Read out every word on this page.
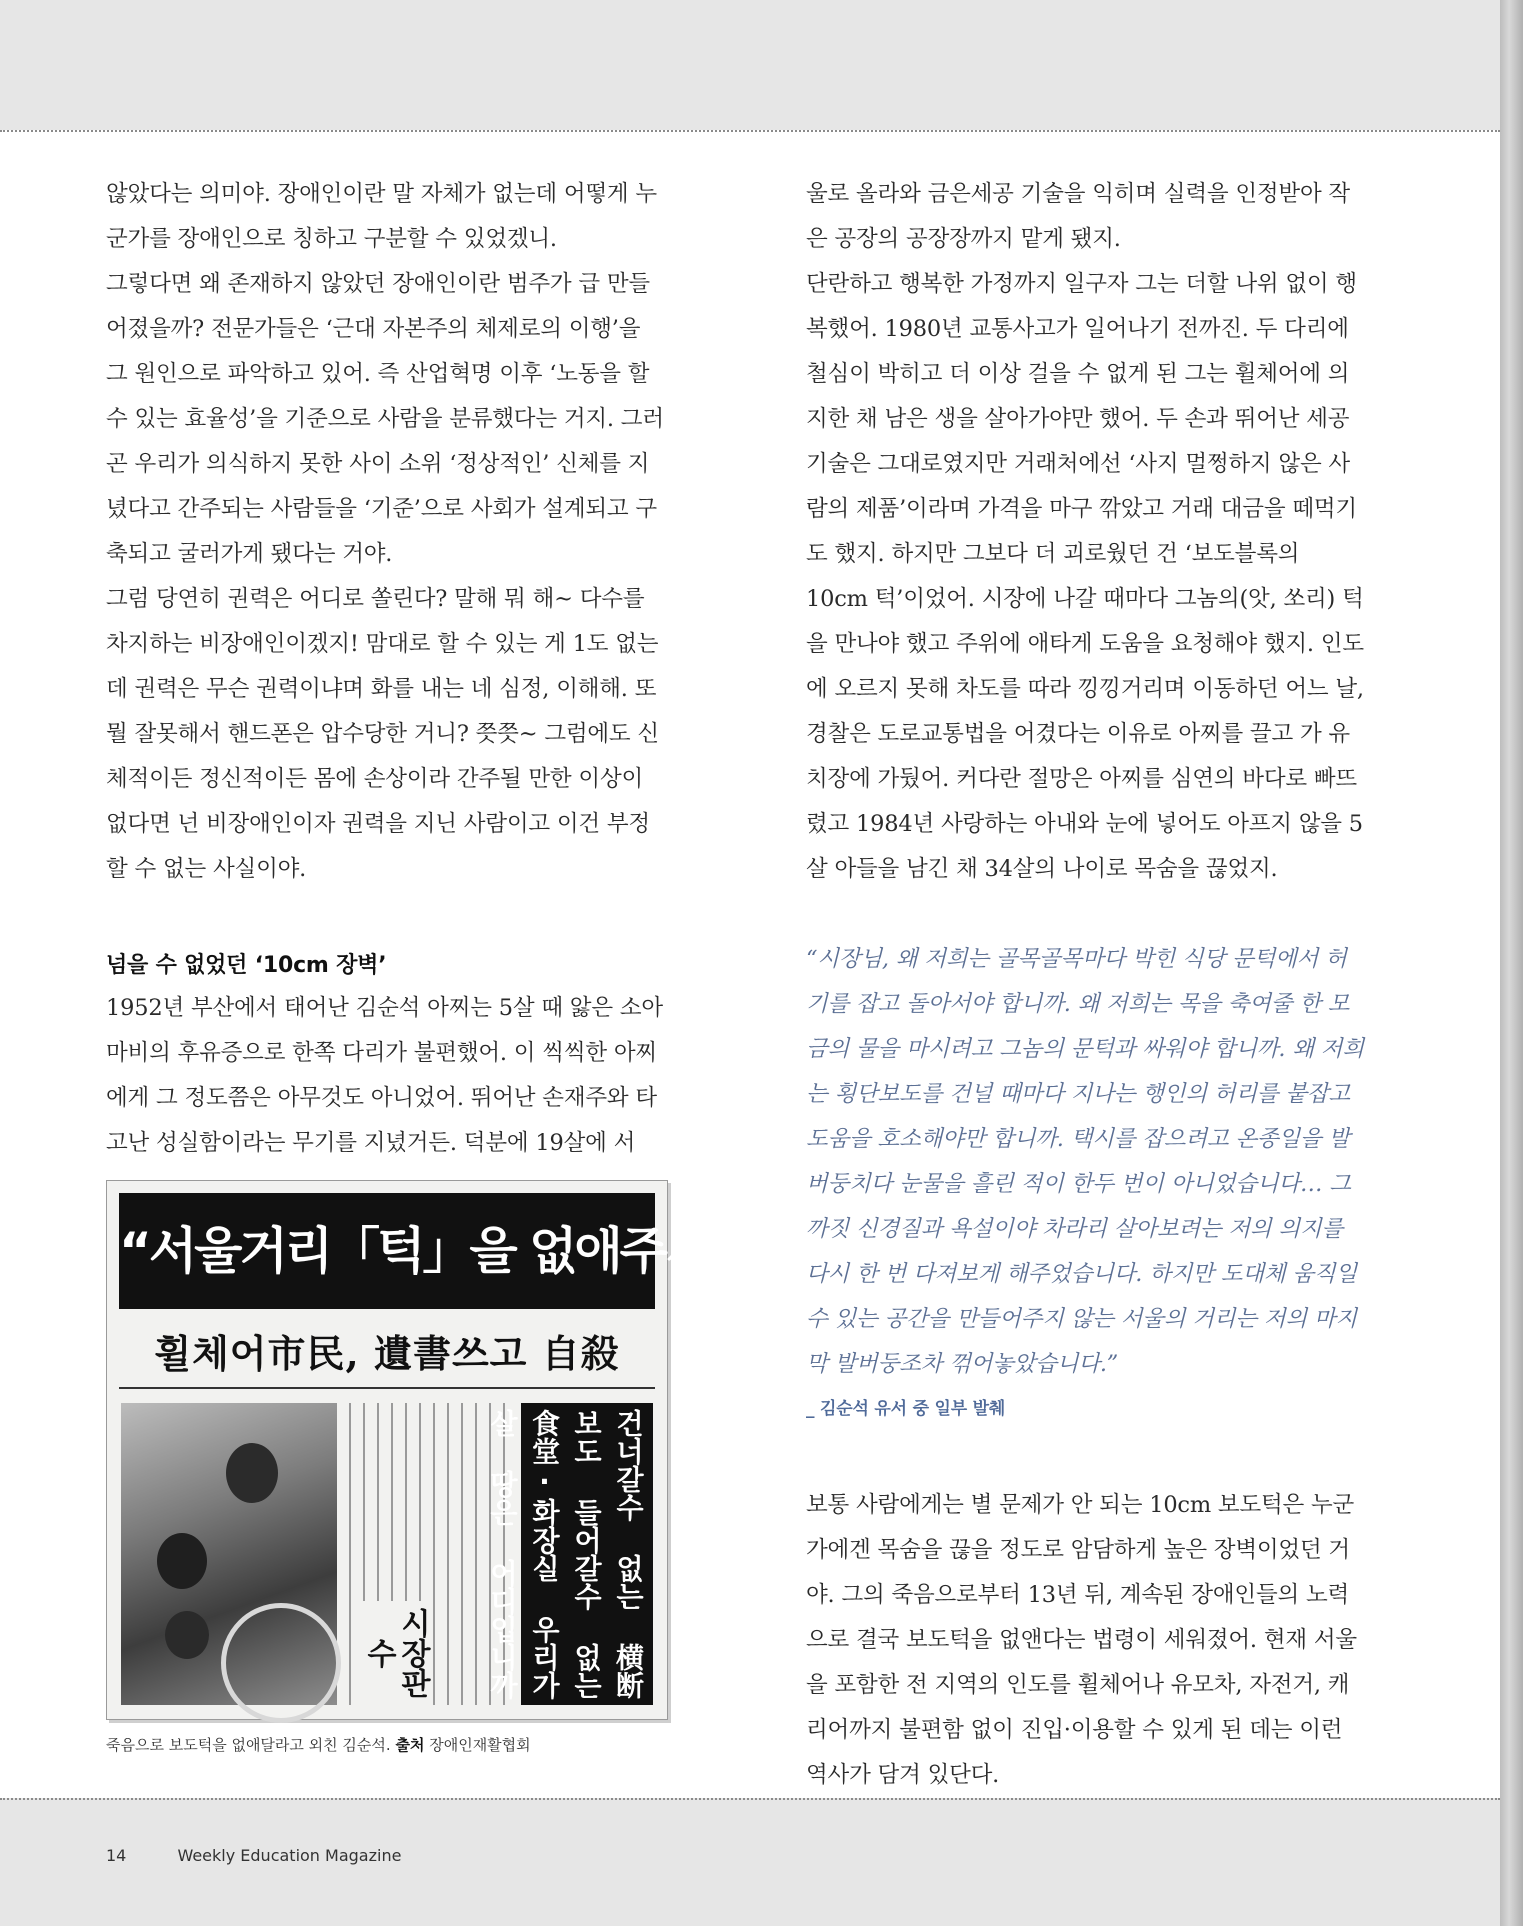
않았다는 의미야. 장애인이란 말 자체가 없는데 어떻게 누군가를 장애인으로 칭하고 구분할 수 있었겠니.

그렇다면 왜 존재하지 않았던 장애인이란 범주가 급 만들어졌을까? 전문가들은 ‘근대 자본주의 체제로의 이행’을 그 원인으로 파악하고 있어. 즉 산업혁명 이후 ‘노동을 할 수 있는 효율성’을 기준으로 사람을 분류했다는 거지. 그러곤 우리가 의식하지 못한 사이 소위 ‘정상적인’ 신체를 지녔다고 간주되는 사람들을 ‘기준’으로 사회가 설계되고 구축되고 굴러가게 됐다는 거야.

그럼 당연히 권력은 어디로 쏠린다? 말해 뭐 해~ 다수를 차지하는 비장애인이겠지! 맘대로 할 수 있는 게 1도 없는데 권력은 무슨 권력이냐며 화를 내는 네 심정, 이해해. 또 뭘 잘못해서 핸드폰은 압수당한 거니? 쯧쯧~ 그럼에도 신체적이든 정신적이든 몸에 손상이라 간주될 만한 이상이 없다면 넌 비장애인이자 권력을 지닌 사람이고 이건 부정할 수 없는 사실이야.

넘을 수 없었던 ‘10cm 장벽’

1952년 부산에서 태어난 김순석 아찌는 5살 때 앓은 소아마비의 후유증으로 한쪽 다리가 불편했어. 이 씩씩한 아찌에게 그 정도쯤은 아무것도 아니었어. 뛰어난 손재주와 타고난 성실함이라는 무기를 지녔거든. 덕분에 19살에 서

“서울거리「턱」을 없애주시오”
휠체어市民, 遺書쓰고 自殺
시장판수	건너갈수 없는 横断보도 들어갈수 없는 食堂·화장실 우리가 살 땅은 어디입니까
죽음으로 보도턱을 없애달라고 외친 김순석. 출처 장애인재활협회

울로 올라와 금은세공 기술을 익히며 실력을 인정받아 작은 공장의 공장장까지 맡게 됐지.

단란하고 행복한 가정까지 일구자 그는 더할 나위 없이 행복했어. 1980년 교통사고가 일어나기 전까진. 두 다리에 철심이 박히고 더 이상 걸을 수 없게 된 그는 휠체어에 의지한 채 남은 생을 살아가야만 했어. 두 손과 뛰어난 세공 기술은 그대로였지만 거래처에선 ‘사지 멀쩡하지 않은 사람의 제품’이라며 가격을 마구 깎았고 거래 대금을 떼먹기도 했지. 하지만 그보다 더 괴로웠던 건 ‘보도블록의 10cm 턱’이었어. 시장에 나갈 때마다 그놈의(앗, 쏘리) 턱을 만나야 했고 주위에 애타게 도움을 요청해야 했지. 인도에 오르지 못해 차도를 따라 낑낑거리며 이동하던 어느 날, 경찰은 도로교통법을 어겼다는 이유로 아찌를 끌고 가 유치장에 가뒀어. 커다란 절망은 아찌를 심연의 바다로 빠뜨렸고 1984년 사랑하는 아내와 눈에 넣어도 아프지 않을 5살 아들을 남긴 채 34살의 나이로 목숨을 끊었지.

“시장님, 왜 저희는 골목골목마다 박힌 식당 문턱에서 허기를 잡고 돌아서야 합니까. 왜 저희는 목을 축여줄 한 모금의 물을 마시려고 그놈의 문턱과 싸워야 합니까. 왜 저희는 횡단보도를 건널 때마다 지나는 행인의 허리를 붙잡고 도움을 호소해야만 합니까. 택시를 잡으려고 온종일을 발버둥치다 눈물을 흘린 적이 한두 번이 아니었습니다… 그까짓 신경질과 욕설이야 차라리 살아보려는 저의 의지를 다시 한 번 다져보게 해주었습니다. 하지만 도대체 움직일 수 있는 공간을 만들어주지 않는 서울의 거리는 저의 마지막 발버둥조차 꺾어놓았습니다.”

_ 김순석 유서 중 일부 발췌

보통 사람에게는 별 문제가 안 되는 10cm 보도턱은 누군가에겐 목숨을 끊을 정도로 암담하게 높은 장벽이었던 거야. 그의 죽음으로부터 13년 뒤, 계속된 장애인들의 노력으로 결국 보도턱을 없앤다는 법령이 세워졌어. 현재 서울을 포함한 전 지역의 인도를 휠체어나 유모차, 자전거, 캐리어까지 불편함 없이 진입·이용할 수 있게 된 데는 이런 역사가 담겨 있단다.

14	Weekly Education Magazine
